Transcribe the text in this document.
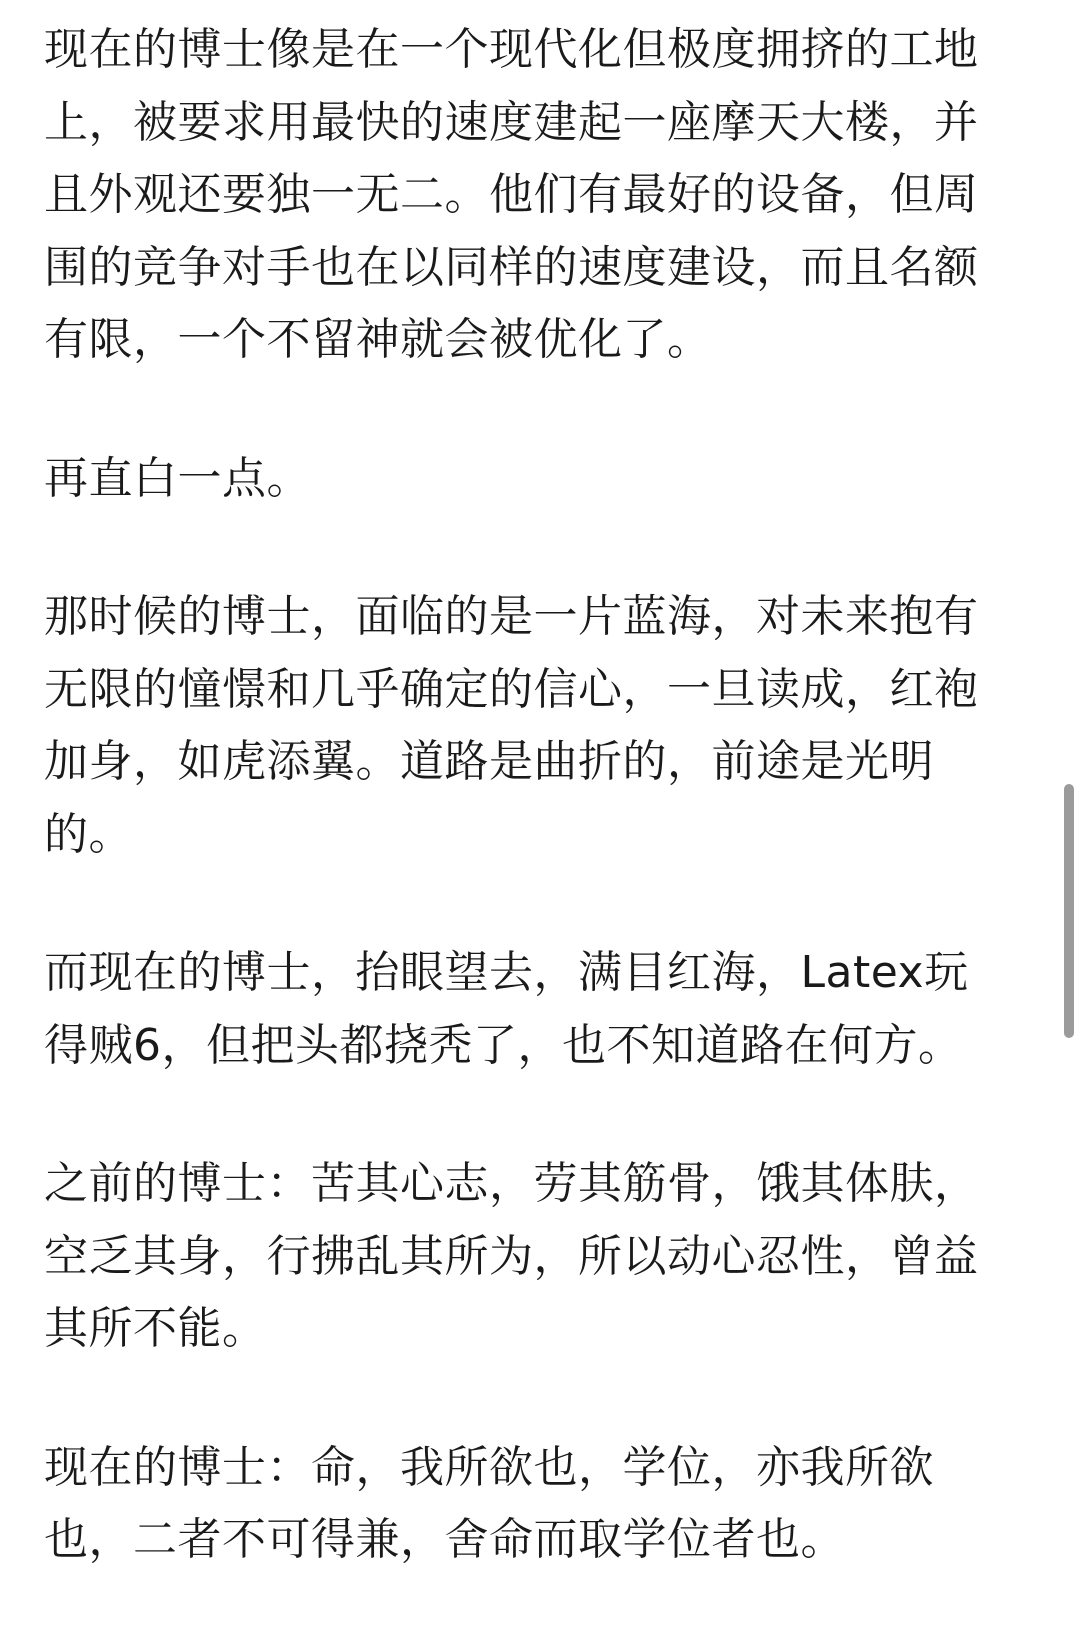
现在的博士像是在一个现代化但极度拥挤的工地
上，被要求用最快的速度建起一座摩天大楼，并
且外观还要独一无二。他们有最好的设备，但周
围的竞争对手也在以同样的速度建设，而且名额
有限，一个不留神就会被优化了。

再直白一点。

那时候的博士，面临的是一片蓝海，对未来抱有
无限的憧憬和几乎确定的信心，一旦读成，红袍
加身，如虎添翼。道路是曲折的，前途是光明
的。

而现在的博士，抬眼望去，满目红海，Latex玩
得贼6，但把头都挠秃了，也不知道路在何方。

之前的博士：苦其心志，劳其筋骨，饿其体肤，
空乏其身，行拂乱其所为，所以动心忍性，曾益
其所不能。

现在的博士：命，我所欲也，学位，亦我所欲
也，二者不可得兼，舍命而取学位者也。
